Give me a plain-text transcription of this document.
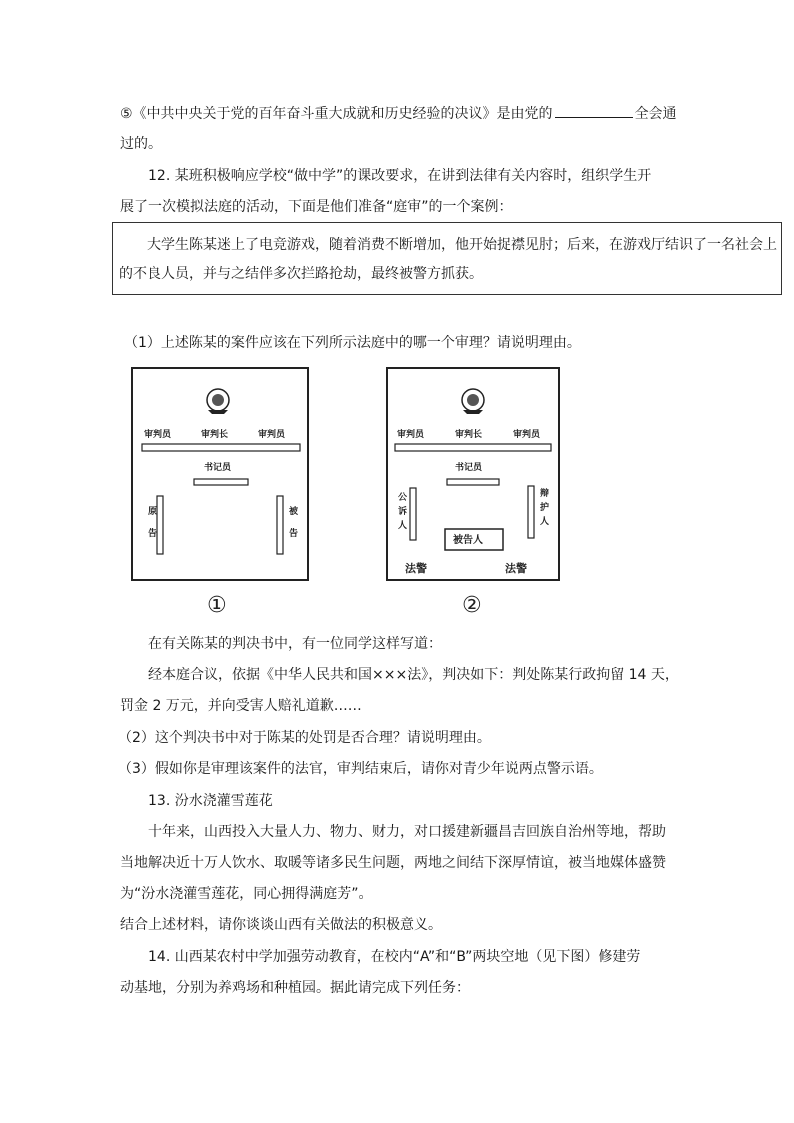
⑤《中共中央关于党的百年奋斗重大成就和历史经验的决议》是由党的	全会通
过的。
12. 某班积极响应学校“做中学”的课改要求，在讲到法律有关内容时，组织学生开
展了一次模拟法庭的活动，下面是他们准备“庭审”的一个案例：
大学生陈某迷上了电竞游戏，随着消费不断增加，他开始捉襟见肘；后来，在游戏厅结识了一名社会上
的不良人员，并与之结伴多次拦路抢劫，最终被警方抓获。
（1）上述陈某的案件应该在下列所示法庭中的哪一个审理？请说明理由。
审判员	审判长	审判员
书记员
原
告
被
告
①
审判员	审判长	审判员
书记员
公
诉
人
辩
护
人
被告人
法警	法警
②
在有关陈某的判决书中，有一位同学这样写道：
经本庭合议，依据《中华人民共和国×××法》，判决如下：判处陈某行政拘留 14 天，
罚金 2 万元，并向受害人赔礼道歉……
（2）这个判决书中对于陈某的处罚是否合理？请说明理由。
（3）假如你是审理该案件的法官，审判结束后，请你对青少年说两点警示语。
13. 汾水浇灌雪莲花
十年来，山西投入大量人力、物力、财力，对口援建新疆昌吉回族自治州等地，帮助
当地解决近十万人饮水、取暖等诸多民生问题，两地之间结下深厚情谊，被当地媒体盛赞
为“汾水浇灌雪莲花，同心拥得满庭芳”。
结合上述材料，请你谈谈山西有关做法的积极意义。
14. 山西某农村中学加强劳动教育，在校内“A”和“B”两块空地（见下图）修建劳
动基地，分别为养鸡场和种植园。据此请完成下列任务：
